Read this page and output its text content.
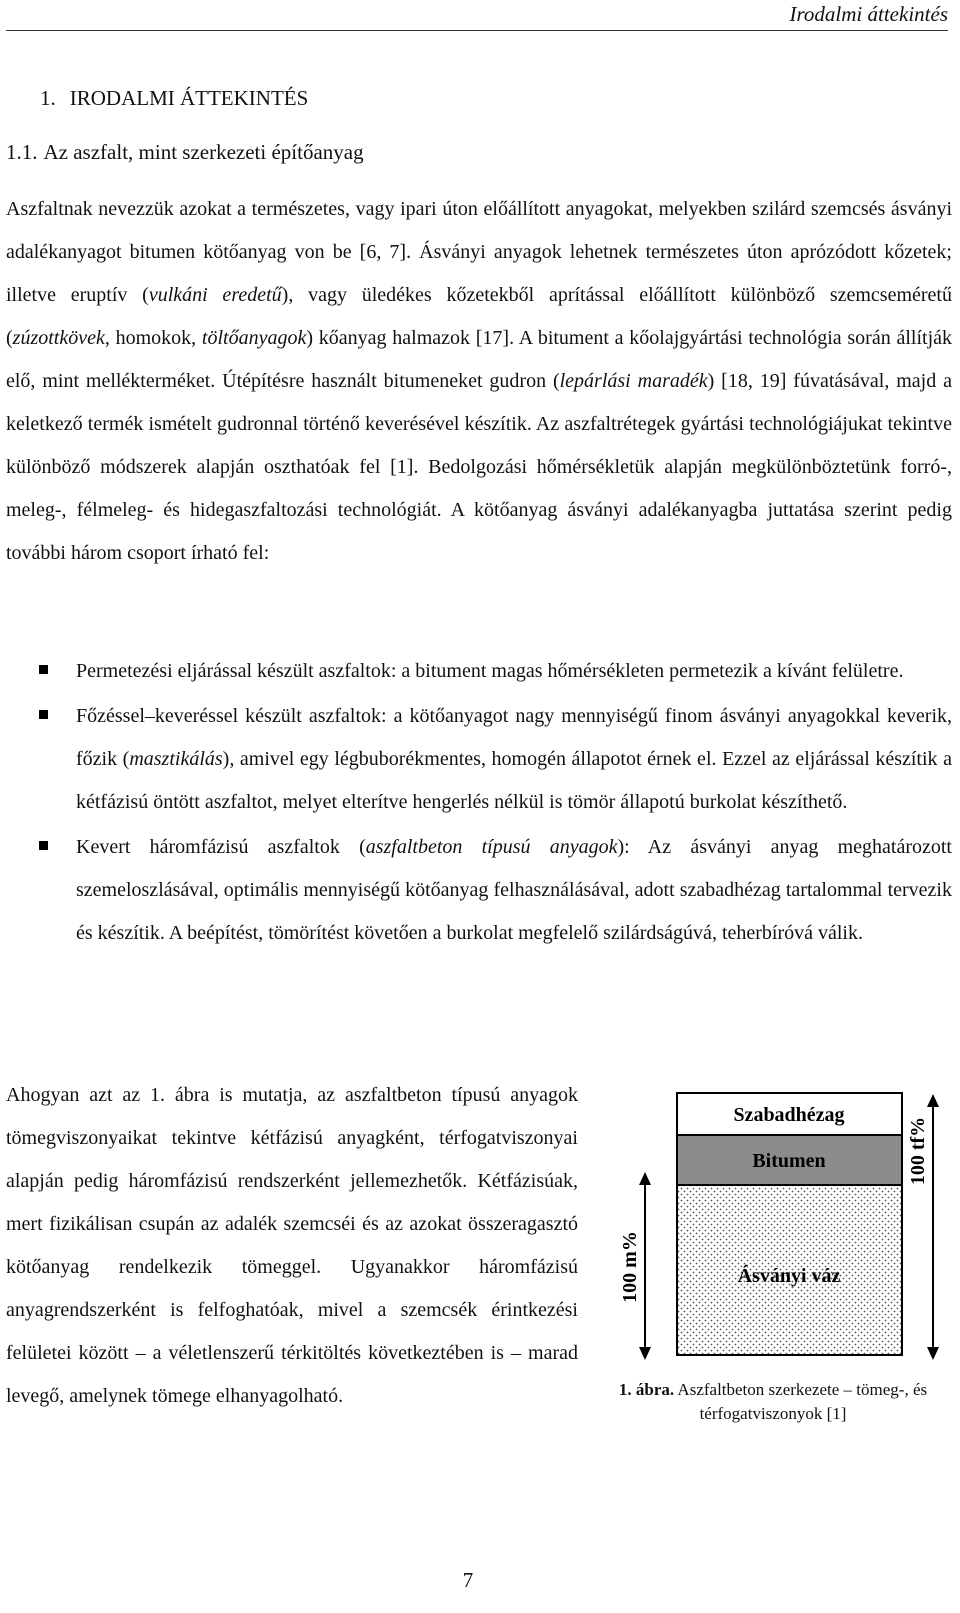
Irodalmi áttekintés
1. IRODALMI ÁTTEKINTÉS
1.1. Az aszfalt, mint szerkezeti építőanyag

Aszfaltnak nevezzük azokat a természetes, vagy ipari úton előállított anyagokat, melyekben szilárd szemcsés ásványi adalékanyagot bitumen kötőanyag von be [6, 7]. Ásványi anyagok lehetnek természetes úton aprózódott kőzetek; illetve eruptív (vulkáni eredetű), vagy üledékes kőzetekből aprítással előállított különböző szemcseméretű (zúzottkövek, homokok, töltőanyagok) kőanyag halmazok [17]. A bitument a kőolajgyártási technológia során állítják elő, mint mellékterméket. Útépítésre használt bitumeneket gudron (lepárlási maradék) [18, 19] fúvatásával, majd a keletkező termék ismételt gudronnal történő keverésével készítik. Az aszfaltrétegek gyártási technológiájukat tekintve különböző módszerek alapján oszthatóak fel [1]. Bedolgozási hőmérsékletük alapján megkülönböztetünk forró-, meleg-, félmeleg- és hidegaszfaltozási technológiát. A kötőanyag ásványi adalékanyagba juttatása szerint pedig további három csoport írható fel:

Permetezési eljárással készült aszfaltok: a bitument magas hőmérsékleten permetezik a kívánt felületre.
Főzéssel–keveréssel készült aszfaltok: a kötőanyagot nagy mennyiségű finom ásványi anyagokkal keverik, főzik (masztikálás), amivel egy légbuborékmentes, homogén állapotot érnek el. Ezzel az eljárással készítik a kétfázisú öntött aszfaltot, melyet elterítve hengerlés nélkül is tömör állapotú burkolat készíthető.
Kevert háromfázisú aszfaltok (aszfaltbeton típusú anyagok): Az ásványi anyag meghatározott szemeloszlásával, optimális mennyiségű kötőanyag felhasználásával, adott szabadhézag tartalommal tervezik és készítik. A beépítést, tömörítést követően a burkolat megfelelő szilárdságúvá, teherbíróvá válik.

Ahogyan azt az 1. ábra is mutatja, az aszfaltbeton típusú anyagok tömegviszonyaikat tekintve kétfázisú anyagként, térfogatviszonyai alapján pedig háromfázisú rendszerként jellemezhetők. Kétfázisúak, mert fizikálisan csupán az adalék szemcséi és az azokat összeragasztó kötőanyag rendelkezik tömeggel. Ugyanakkor háromfázisú anyagrendszerként is felfoghatóak, mivel a szemcsék érintkezési felületei között – a véletlenszerű térkitöltés következtében is – marad levegő, amelynek tömege elhanyagolható.

Szabadhézag
Bitumen
Ásványi váz
100 m%
100 tf%
1. ábra. Aszfaltbeton szerkezete – tömeg-, és térfogatviszonyok [1]
7
